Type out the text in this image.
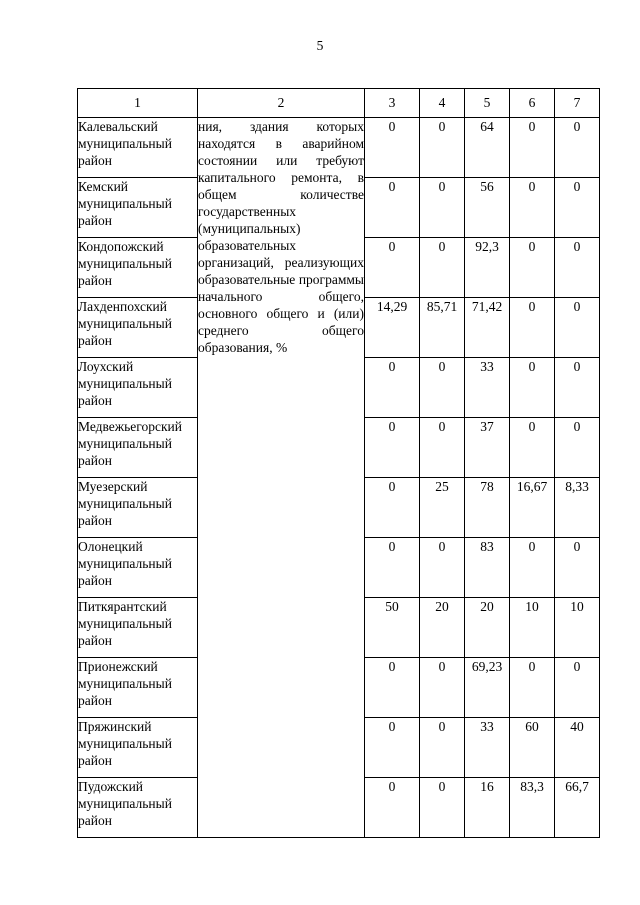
5
1	2	3	4	5	6	7
Калевальский муниципальный район	ния, здания которых находятся в аварийном состоянии или требуют капитального ремонта, в общем количестве государственных (муниципальных) образовательных организаций, реализующих образовательные программы начального общего, основного общего и (или) среднего общего образования, %	0	0	64	0	0
Кемский муниципальный район		0	0	56	0	0
Кондопожский муниципальный район		0	0	92,3	0	0
Лахденпохский муниципальный район		14,29	85,71	71,42	0	0
Лоухский муниципальный район		0	0	33	0	0
Медвежьегорский муниципальный район		0	0	37	0	0
Муезерский муниципальный район		0	25	78	16,67	8,33
Олонецкий муниципальный район		0	0	83	0	0
Питкярантский муниципальный район		50	20	20	10	10
Прионежский муниципальный район		0	0	69,23	0	0
Пряжинский муниципальный район		0	0	33	60	40
Пудожский муниципальный район		0	0	16	83,3	66,7
